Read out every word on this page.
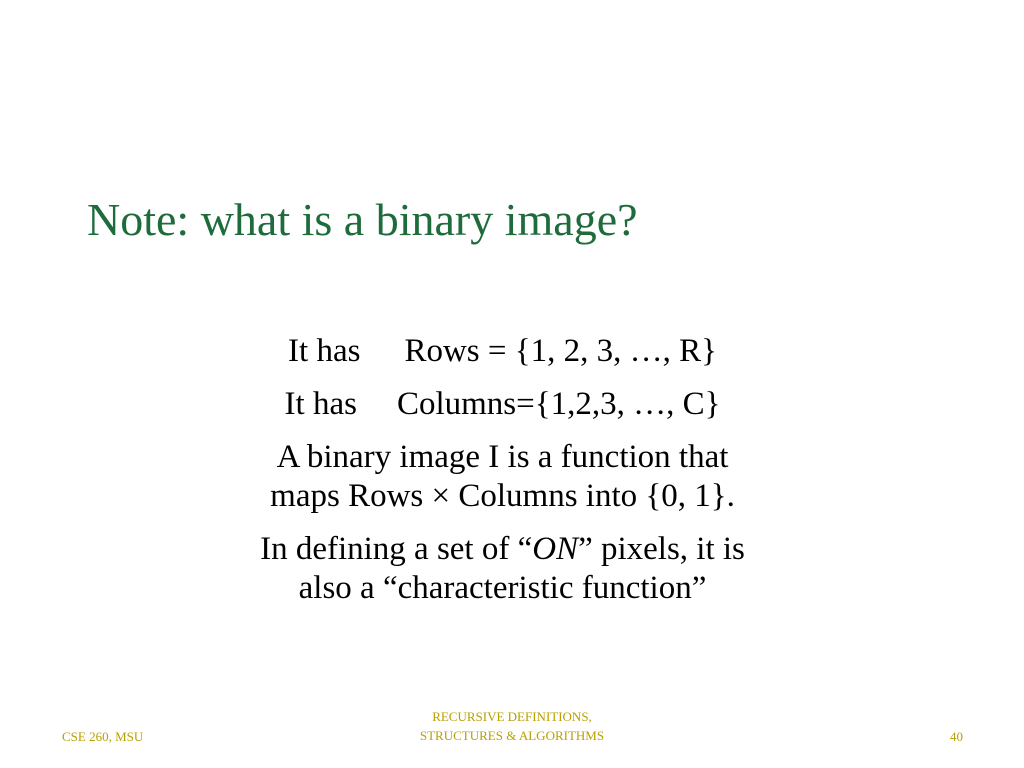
Note: what is a binary image?

It has Rows = {1, 2, 3, …, R}

It has Columns={1,2,3, …, C}

A binary image I is a function that
maps Rows × Columns into {0, 1}.

In defining a set of “ON” pixels, it is
also a “characteristic function”

CSE 260, MSU
RECURSIVE DEFINITIONS,
STRUCTURES & ALGORITHMS	40
